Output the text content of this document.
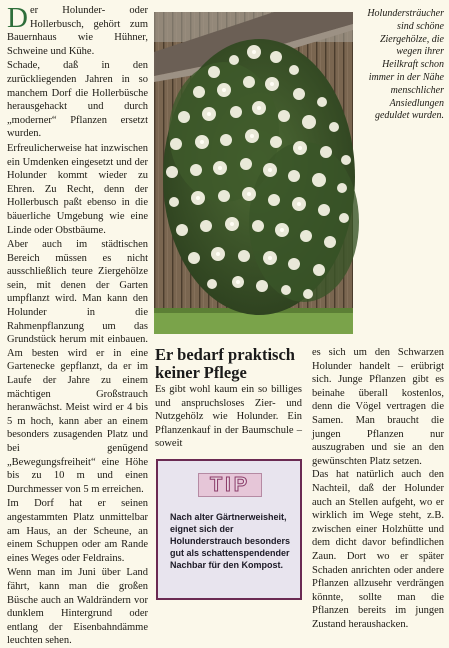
Der Holunder- oder Hollerbusch, gehört zum Bauernhaus wie Hühner, Schweine und Kühe.

Schade, daß in den zurückliegenden Jahren in so manchem Dorf die Hollerbüsche herausgehackt und durch „moderner“ Pflanzen ersetzt wurden.

Erfreulicherweise hat inzwischen ein Umdenken eingesetzt und der Holunder kommt wieder zu Ehren. Zu Recht, denn der Hollerbusch paßt ebenso in die bäuerliche Umgebung wie eine Linde oder Obstbäume.

Aber auch im städtischen Bereich müssen es nicht ausschließlich teure Ziergehölze sein, mit denen der Garten umpflanzt wird. Man kann den Holunder in die Rahmenpflanzung um das Grundstück herum mit einbauen. Am besten wird er in eine Gartenecke gepflanzt, da er im Laufe der Jahre zu einem mächtigen Großstrauch heranwächst. Meist wird er 4 bis 5 m hoch, kann aber an einem besonders zusagenden Platz und bei genügend „Bewegungsfreiheit“ eine Höhe bis zu 10 m und einen Durchmesser von 5 m erreichen.

Im Dorf hat er seinen angestammten Platz unmittelbar am Haus, an der Scheune, an einem Schuppen oder am Rande eines Weges oder Feldrains.

Wenn man im Juni über Land fährt, kann man die großen Büsche auch an Waldrändern vor dunklem Hintergrund oder entlang der Eisenbahndämme leuchten sehen.

Holundersträucher sind schöne Ziergehölze, die wegen ihrer Heilkraft schon immer in der Nähe menschlicher Ansiedlungen geduldet wurden.
Er bedarf praktisch keiner Pflege

Es gibt wohl kaum ein so billiges und anspruchsloses Zier- und Nutzgehölz wie Holunder. Ein Pflanzenkauf in der Baumschule – soweit

es sich um den Schwarzen Holunder handelt – erübrigt sich. Junge Pflanzen gibt es beinahe überall kostenlos, denn die Vögel vertragen die Samen. Man braucht die jungen Pflanzen nur auszugraben und sie an den gewünschten Platz setzen.

Das hat natürlich auch den Nachteil, daß der Holunder auch an Stellen aufgeht, wo er wirklich im Wege steht, z.B. zwischen einer Holzhütte und dem dicht davor befindlichen Zaun. Dort wo er später Schaden anrichten oder andere Pflanzen allzusehr verdrängen könnte, sollte man die Pflanzen bereits im jungen Zustand heraushacken.

TIP

Nach alter Gärtnerweisheit, eignet sich der Holunderstrauch besonders gut als schattenspendender Nachbar für den Kompost.
